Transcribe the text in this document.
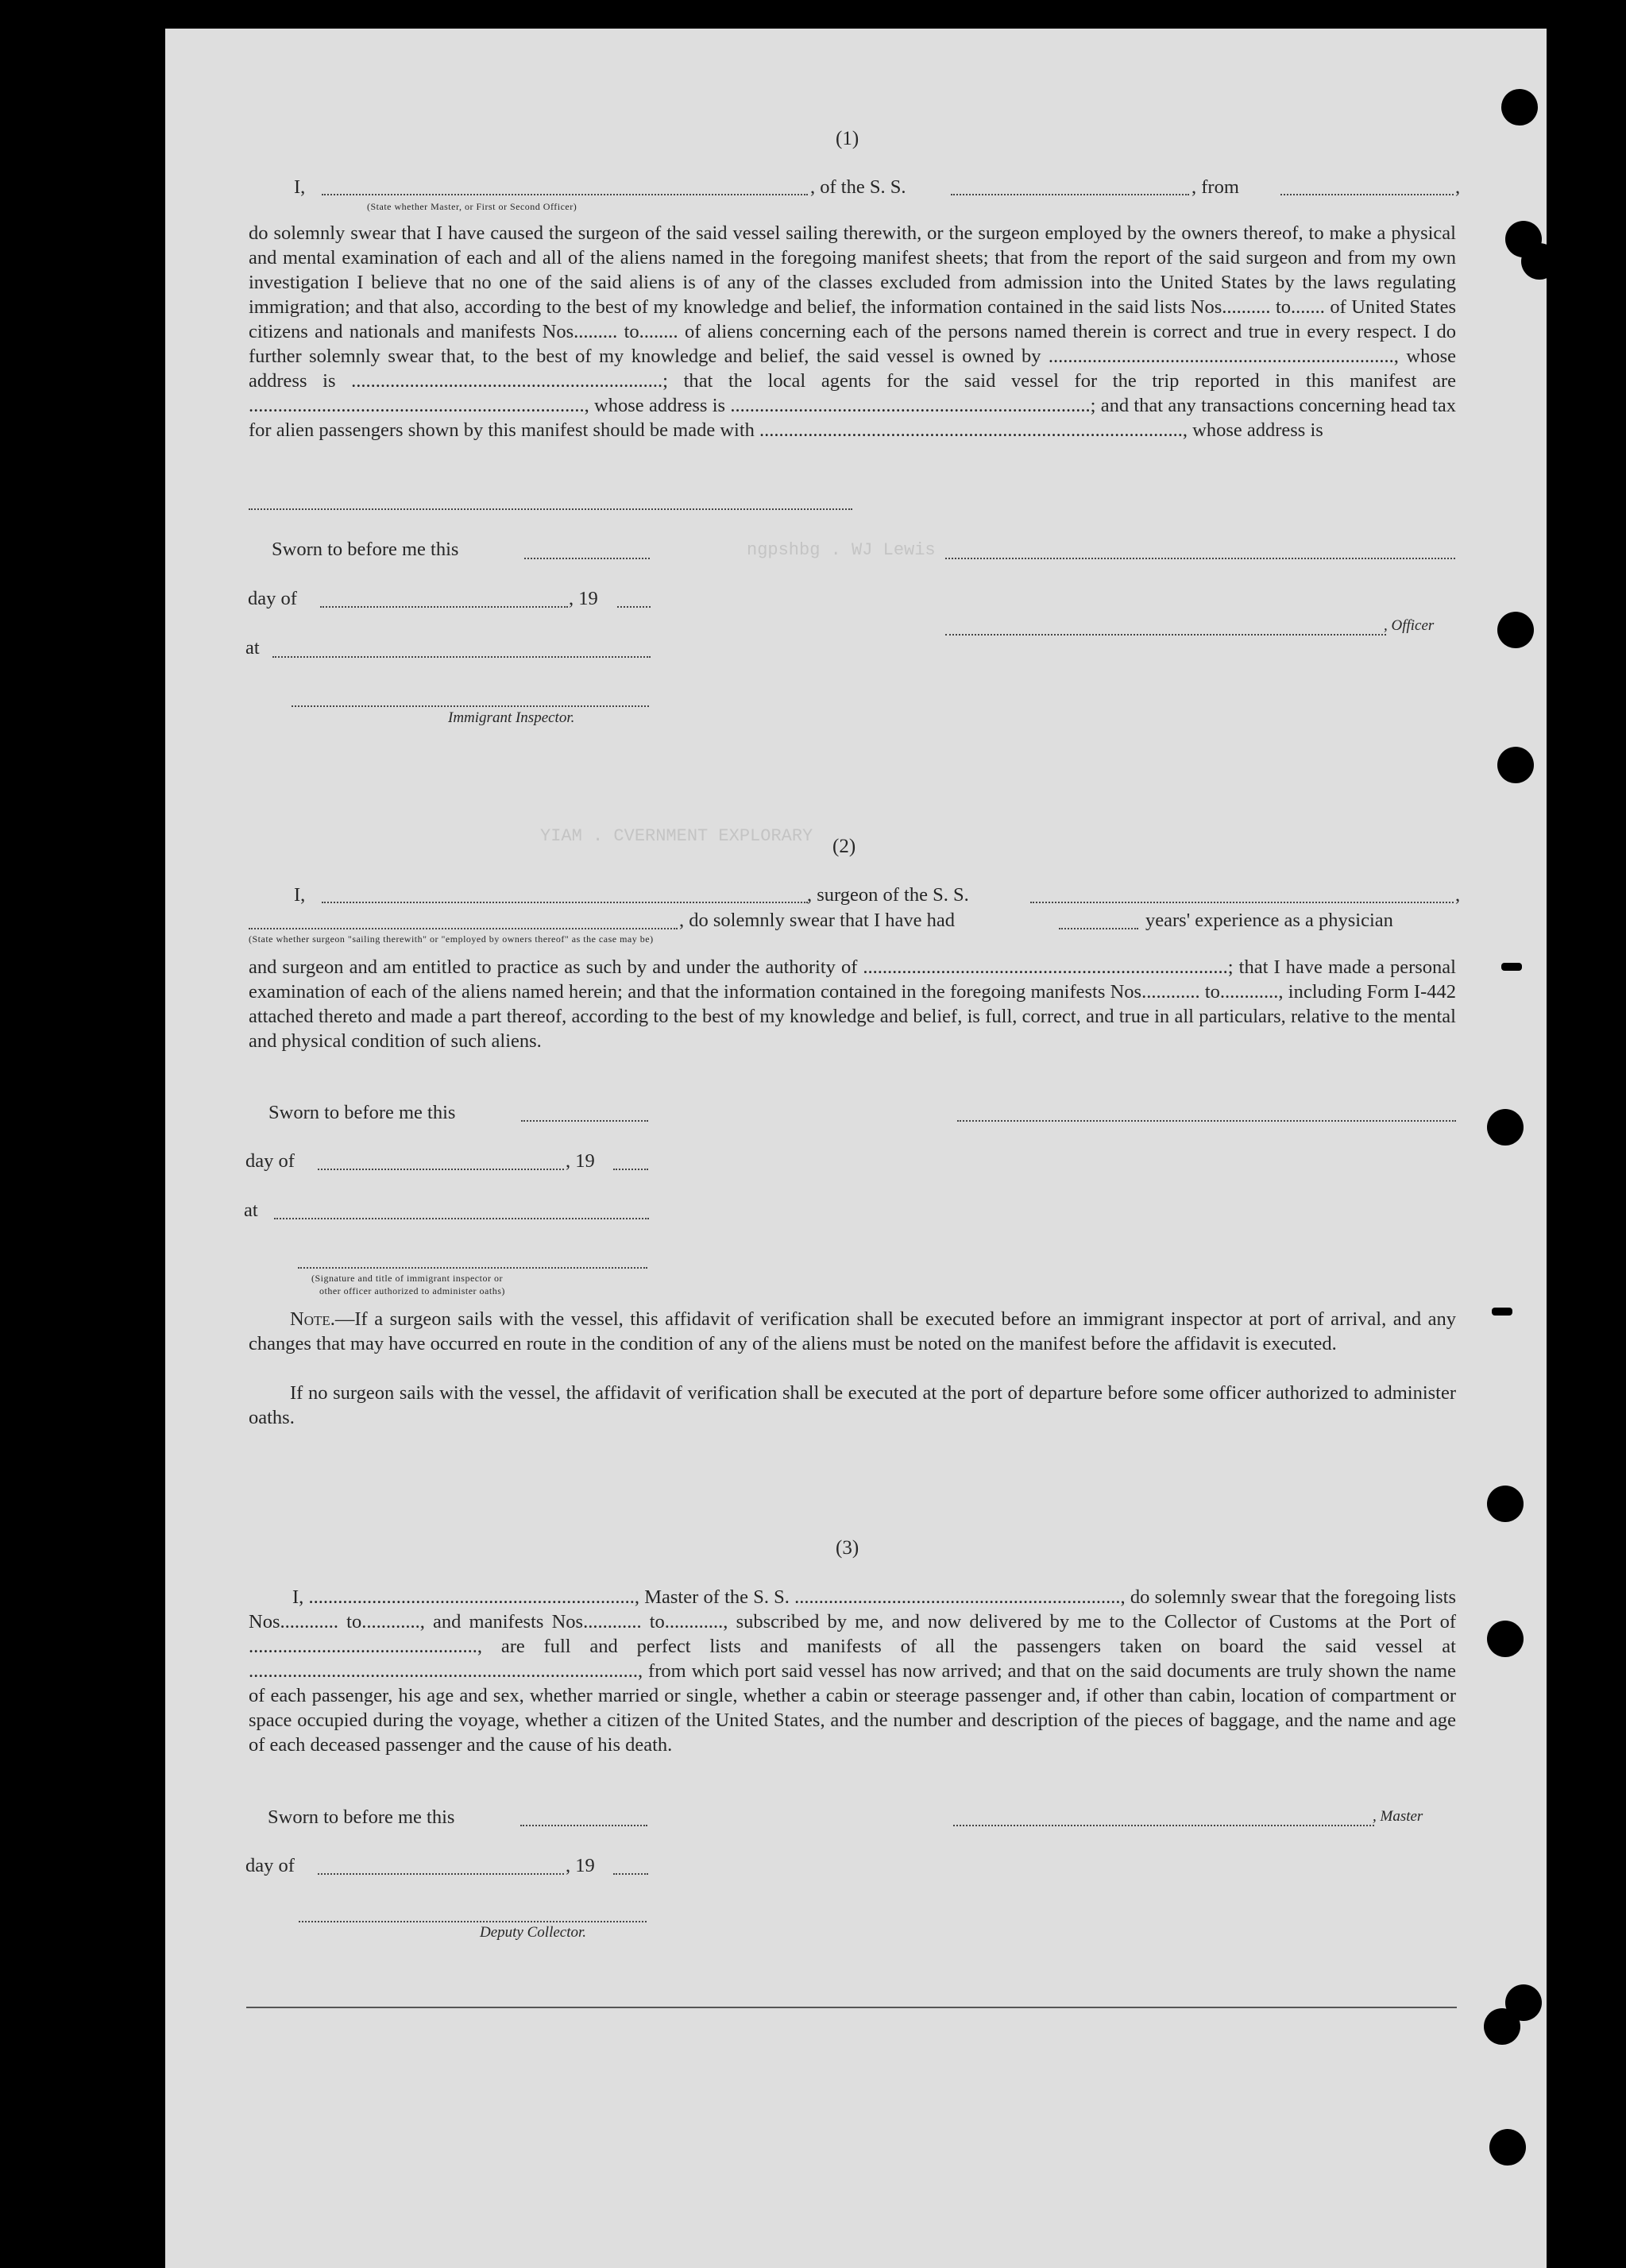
ngpshbg . WJ Lewis
YIAM . CVERNMENT EXPLORARY
(1)
I,	, of the S. S.	, from	,
(State whether Master, or First or Second Officer)
do solemnly swear that I have caused the surgeon of the said vessel sailing therewith, or the surgeon employed by the owners thereof, to make a physical and mental examination of each and all of the aliens named in the foregoing manifest sheets; that from the report of the said surgeon and from my own investigation I believe that no one of the said aliens is of any of the classes excluded from admission into the United States by the laws regulating immigration; and that also, according to the best of my knowledge and belief, the information contained in the said lists Nos.......... to....... of United States citizens and nationals and manifests Nos......... to........ of aliens concerning each of the persons named therein is correct and true in every respect. I do further solemnly swear that, to the best of my knowledge and belief, the said vessel is owned by ......................................................................., whose address is ................................................................; that the local agents for the said vessel for the trip reported in this manifest are ....................................................................., whose address is ..........................................................................; and that any transactions concerning head tax for alien passengers shown by this manifest should be made with ......................................................................................., whose address is
Sworn to before me this
day of	, 19
, Officer
at
Immigrant Inspector.
(2)
I,	, surgeon of the S. S.	,
, do solemnly swear that I have had	years' experience as a physician
(State whether surgeon "sailing therewith" or "employed by owners thereof" as the case may be)
and surgeon and am entitled to practice as such by and under the authority of ...........................................................................; that I have made a personal examination of each of the aliens named herein; and that the information contained in the foregoing manifests Nos............ to............, including Form I-442 attached thereto and made a part thereof, according to the best of my knowledge and belief, is full, correct, and true in all particulars, relative to the mental and physical condition of such aliens.
Sworn to before me this
day of	, 19
at
(Signature and title of immigrant inspector or
other officer authorized to administer oaths)
Note.—If a surgeon sails with the vessel, this affidavit of verification shall be executed before an immigrant inspector at port of arrival, and any changes that may have occurred en route in the condition of any of the aliens must be noted on the manifest before the affidavit is executed.
If no surgeon sails with the vessel, the affidavit of verification shall be executed at the port of departure before some officer authorized to administer oaths.
(3)
I, ..................................................................., Master of the S. S. ..................................................................., do solemnly swear that the foregoing lists Nos............ to............, and manifests Nos............ to............, subscribed by me, and now delivered by me to the Collector of Customs at the Port of ..............................................., are full and perfect lists and manifests of all the passengers taken on board the said vessel at ................................................................................, from which port said vessel has now arrived; and that on the said documents are truly shown the name of each passenger, his age and sex, whether married or single, whether a cabin or steerage passenger and, if other than cabin, location of compartment or space occupied during the voyage, whether a citizen of the United States, and the number and description of the pieces of baggage, and the name and age of each deceased passenger and the cause of his death.
Sworn to before me this	, Master
day of	, 19
Deputy Collector.
